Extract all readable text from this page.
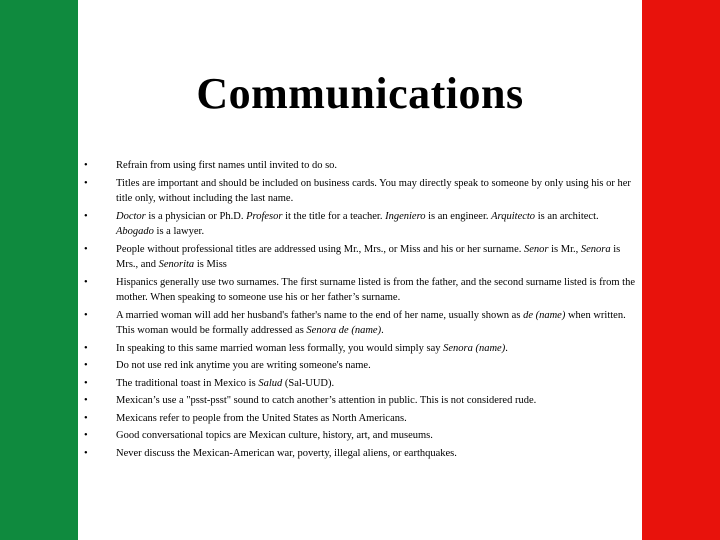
Communications
•	Refrain from using first names until invited to do so.
•	Titles are important and should be included on business cards. You may directly speak to someone by only using his or her title only, without including the last name.
•	Doctor is a physician or Ph.D. Profesor it the title for a teacher. Ingeniero is an engineer. Arquitecto is an architect. Abogado is a lawyer.
•	People without professional titles are addressed using Mr., Mrs., or Miss and his or her surname. Senor is Mr., Senora is Mrs., and Senorita is Miss
•	Hispanics generally use two surnames. The first surname listed is from the father, and the second surname listed is from the mother. When speaking to someone use his or her father’s surname.
•	A married woman will add her husband's father's name to the end of her name, usually shown as de (name) when written. This woman would be formally addressed as Senora de (name).
•	In speaking to this same married woman less formally, you would simply say Senora (name).
•	Do not use red ink anytime you are writing someone's name.
•	The traditional toast in Mexico is Salud (Sal-UUD).
•	Mexican’s use a "psst-psst" sound to catch another’s attention in public. This is not considered rude.
•	Mexicans refer to people from the United States as North Americans.
•	Good conversational topics are Mexican culture, history, art, and museums.
•	Never discuss the Mexican-American war, poverty, illegal aliens, or earthquakes.
